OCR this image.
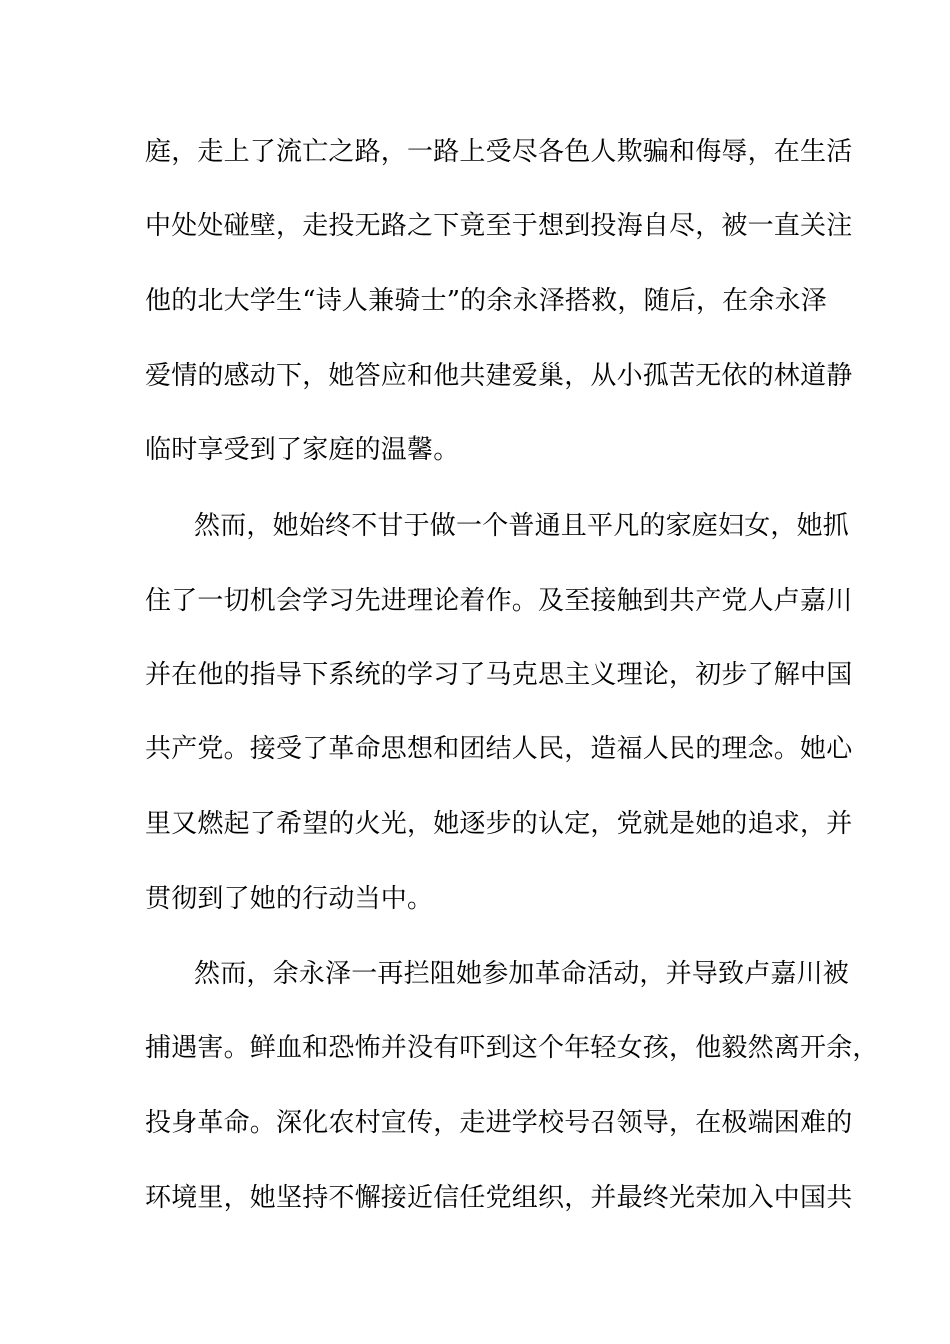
庭，走上了流亡之路，一路上受尽各色人欺骗和侮辱，在生活

中处处碰壁，走投无路之下竟至于想到投海自尽，被一直关注

他的北大学生“诗人兼骑士”的余永泽搭救，随后，在余永泽

爱情的感动下，她答应和他共建爱巢，从小孤苦无依的林道静

临时享受到了家庭的温馨。

然而，她始终不甘于做一个普通且平凡的家庭妇女，她抓

住了一切机会学习先进理论着作。及至接触到共产党人卢嘉川

并在他的指导下系统的学习了马克思主义理论，初步了解中国

共产党。接受了革命思想和团结人民，造福人民的理念。她心

里又燃起了希望的火光，她逐步的认定，党就是她的追求，并

贯彻到了她的行动当中。

然而，余永泽一再拦阻她参加革命活动，并导致卢嘉川被

捕遇害。鲜血和恐怖并没有吓到这个年轻女孩，他毅然离开余，

投身革命。深化农村宣传，走进学校号召领导，在极端困难的

环境里，她坚持不懈接近信任党组织，并最终光荣加入中国共
